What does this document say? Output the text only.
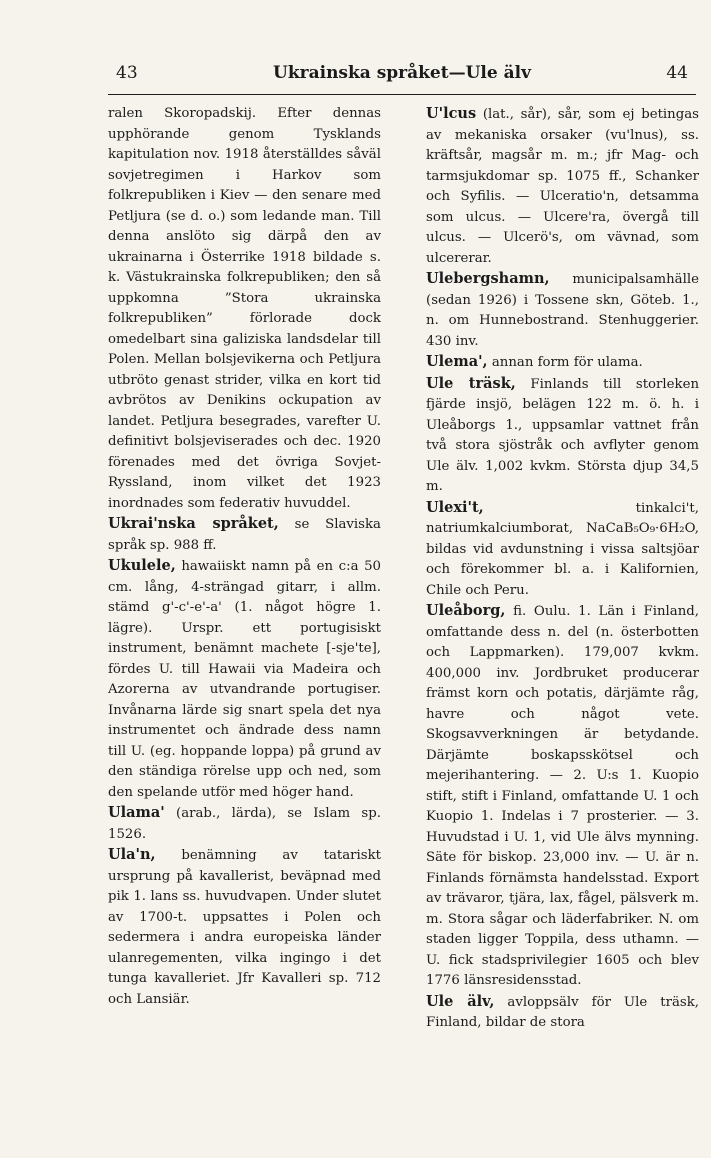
43	Ukrainska språket—Ule älv	44

ralen Skoropadskij. Efter dennas upphörande genom Tysklands kapitulation nov. 1918 återställdes såväl sovjetregimen i Harkov som folkrepubliken i Kiev — den senare med Petljura (se d. o.) som ledande man. Till denna anslöto sig därpå den av ukrainarna i Österrike 1918 bildade s. k. Västukrainska folkrepubliken; den så uppkomna ”Stora ukrainska folkrepubliken” förlorade dock omedelbart sina galiziska landsdelar till Polen. Mellan bolsjevikerna och Petljura utbröto genast strider, vilka en kort tid avbrötos av Denikins ockupation av landet. Petljura besegrades, varefter U. definitivt bolsjeviserades och dec. 1920 förenades med det övriga Sovjet-Ryssland, inom vilket det 1923 inordnades som federativ huvuddel.

Ukrai'nska språket, se Slaviska språk sp. 988 ff.

Ukulele, hawaiiskt namn på en c:a 50 cm. lång, 4-strängad gitarr, i allm. stämd g'-c'-e'-a' (1. något högre 1. lägre). Urspr. ett portugisiskt instrument, benämnt machete [-sje'te], fördes U. till Hawaii via Madeira och Azorerna av utvandrande portugiser. Invånarna lärde sig snart spela det nya instrumentet och ändrade dess namn till U. (eg. hoppande loppa) på grund av den ständiga rörelse upp och ned, som den spelande utför med höger hand.

Ulama' (arab., lärda), se Islam sp. 1526.

Ula'n, benämning av tatariskt ursprung på kavallerist, beväpnad med pik 1. lans ss. huvudvapen. Under slutet av 1700-t. uppsattes i Polen och sedermera i andra europeiska länder ulanregementen, vilka ingingo i det tunga kavalleriet. Jfr Kavalleri sp. 712 och Lansiär.

U'lcus (lat., sår), sår, som ej betingas av mekaniska orsaker (vu'lnus), ss. kräftsår, magsår m. m.; jfr Mag- och tarmsjukdomar sp. 1075 ff., Schanker och Syfilis. — Ulceratio'n, detsamma som ulcus. — Ulcere'ra, övergå till ulcus. — Ulcerö's, om vävnad, som ulcererar.

Ulebergshamn, municipalsamhälle (sedan 1926) i Tossene skn, Göteb. 1., n. om Hunnebostrand. Stenhuggerier. 430 inv.

Ulema', annan form för ulama.

Ule träsk, Finlands till storleken fjärde insjö, belägen 122 m. ö. h. i Uleåborgs 1., uppsamlar vattnet från två stora sjöstråk och avflyter genom Ule älv. 1,002 kvkm. Största djup 34,5 m.

Ulexi't, tinkalci't, natriumkalciumborat, NaCaB₅O₉·6H₂O, bildas vid avdunstning i vissa saltsjöar och förekommer bl. a. i Kalifornien, Chile och Peru.

Uleåborg, fi. Oulu. 1. Län i Finland, omfattande dess n. del (n. österbotten och Lappmarken). 179,007 kvkm. 400,000 inv. Jordbruket producerar främst korn och potatis, därjämte råg, havre och något vete. Skogsavverkningen är betydande. Därjämte boskapsskötsel och mejerihantering. — 2. U:s 1. Kuopio stift, stift i Finland, omfattande U. 1 och Kuopio 1. Indelas i 7 prosterier. — 3. Huvudstad i U. 1, vid Ule älvs mynning. Säte för biskop. 23,000 inv. — U. är n. Finlands förnämsta handelsstad. Export av trävaror, tjära, lax, fågel, pälsverk m. m. Stora sågar och läderfabriker. N. om staden ligger Toppila, dess uthamn. — U. fick stadsprivilegier 1605 och blev 1776 länsresidensstad.

Ule älv, avloppsälv för Ule träsk, Finland, bildar de stora
